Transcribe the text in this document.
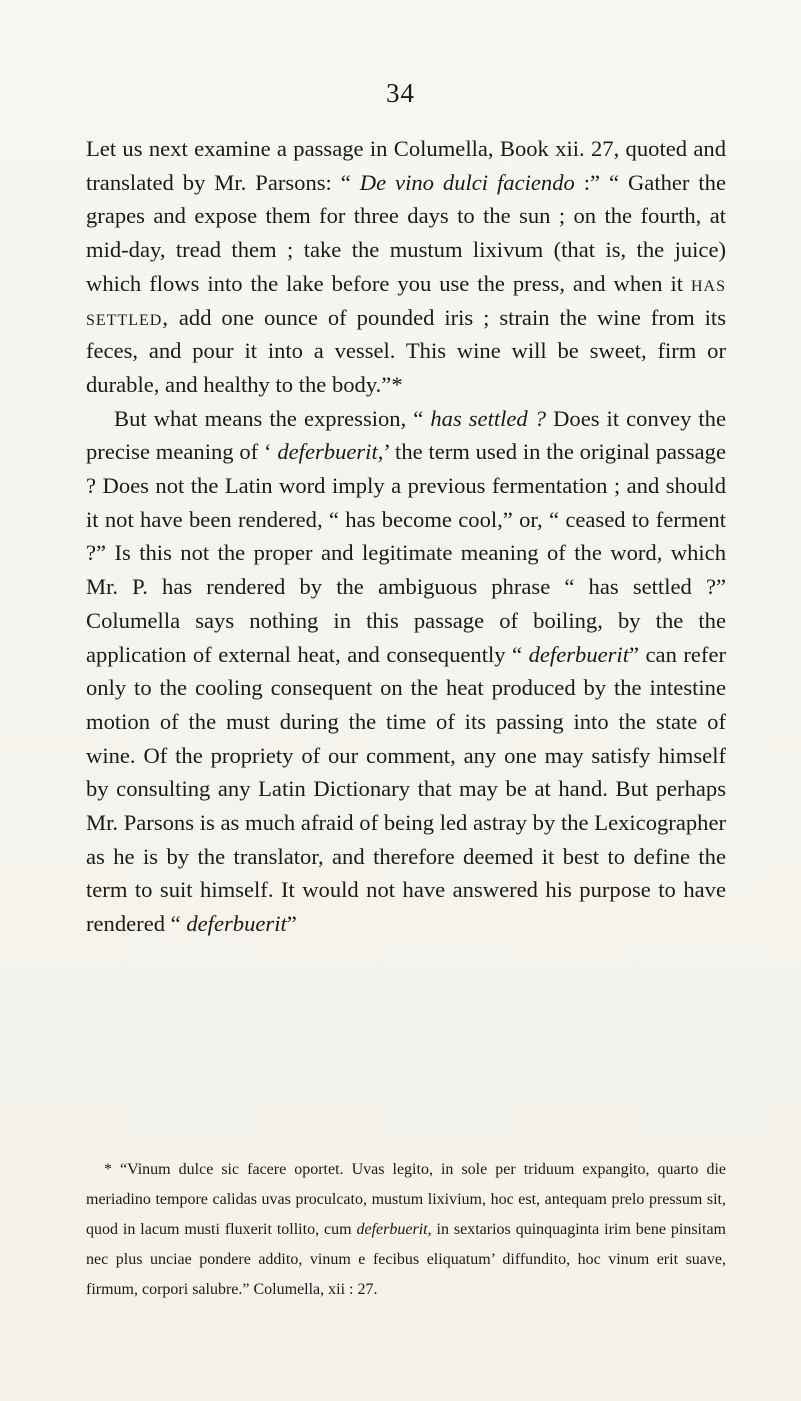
34

Let us next examine a passage in Columella, Book xii. 27, quoted and translated by Mr. Parsons: “ De vino dulci faciendo :” “ Gather the grapes and expose them for three days to the sun ; on the fourth, at mid-day, tread them ; take the mustum lixivum (that is, the juice) which flows into the lake before you use the press, and when it has settled, add one ounce of pounded iris ; strain the wine from its feces, and pour it into a vessel. This wine will be sweet, firm or durable, and healthy to the body.”*

But what means the expression, “ has settled ? Does it convey the precise meaning of ‘ deferbuerit,’ the term used in the original passage ? Does not the Latin word imply a previous fermentation ; and should it not have been rendered, “ has become cool,” or, “ ceased to ferment ?” Is this not the proper and legitimate meaning of the word, which Mr. P. has rendered by the ambiguous phrase “ has settled ?” Columella says nothing in this passage of boiling, by the the application of external heat, and consequently “ deferbuerit” can refer only to the cooling consequent on the heat produced by the intestine motion of the must during the time of its passing into the state of wine. Of the propriety of our comment, any one may satisfy himself by consulting any Latin Dictionary that may be at hand. But perhaps Mr. Parsons is as much afraid of being led astray by the Lexicographer as he is by the translator, and therefore deemed it best to define the term to suit himself. It would not have answered his purpose to have rendered “ deferbuerit”

* “Vinum dulce sic facere oportet. Uvas legito, in sole per triduum expangito, quarto die meriadino tempore calidas uvas proculcato, mustum lixivium, hoc est, antequam prelo pressum sit, quod in lacum musti fluxerit tollito, cum deferbuerit, in sextarios quinquaginta irim bene pinsitam nec plus unciae pondere addito, vinum e fecibus eliquatum’ diffundito, hoc vinum erit suave, firmum, corpori salubre.” Columella, xii : 27.
